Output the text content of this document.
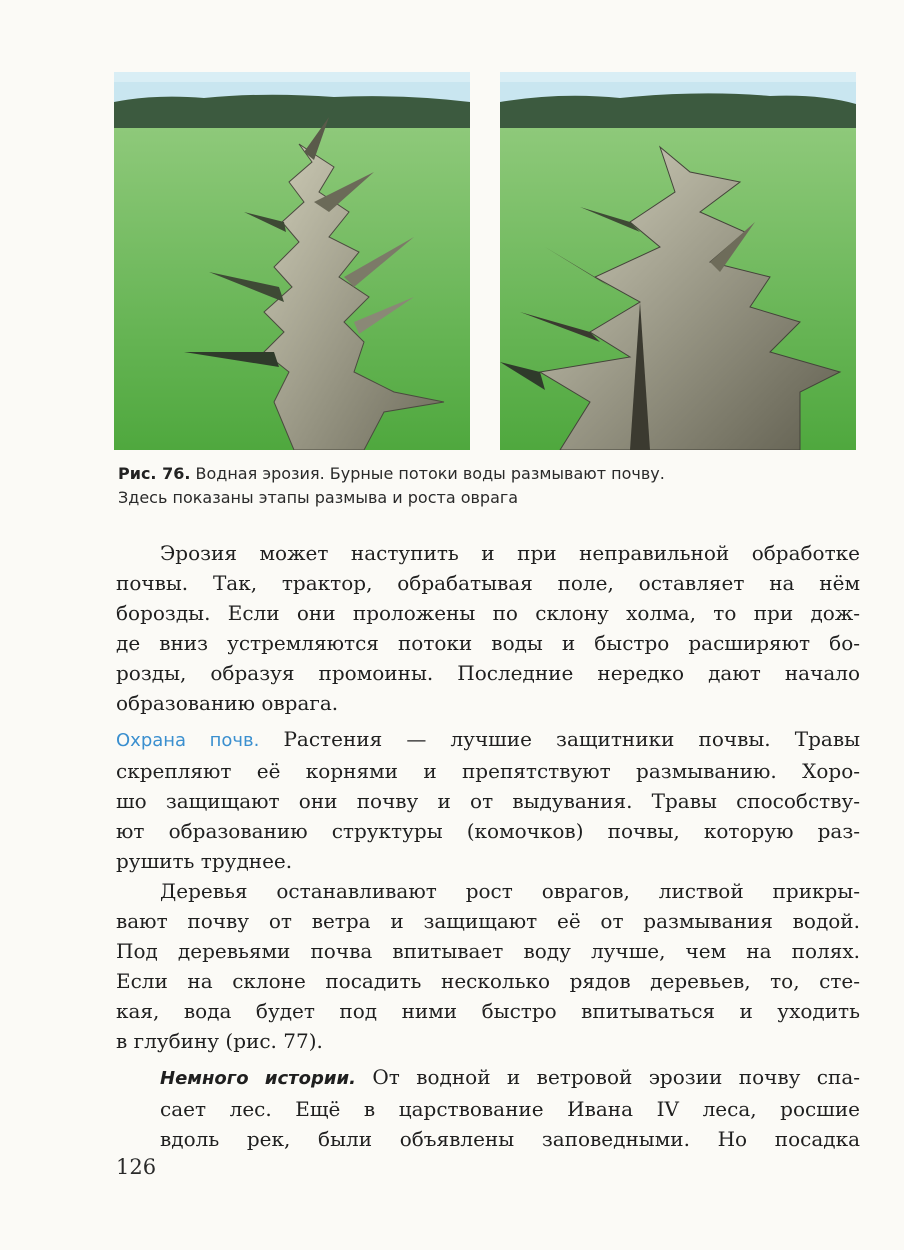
Рис. 76. Водная эрозия. Бурные потоки воды размывают почву.
Здесь показаны этапы размыва и роста оврага
Эрозия может наступить и при неправильной обработке
почвы. Так, трактор, обрабатывая поле, оставляет на нём
борозды. Если они проложены по склону холма, то при дож-
де вниз устремляются потоки воды и быстро расширяют бо-
розды, образуя промоины. Последние нередко дают начало
образованию оврага.
Охрана почв. Растения — лучшие защитники почвы. Травы
скрепляют её корнями и препятствуют размыванию. Хоро-
шо защищают они почву и от выдувания. Травы способству-
ют образованию структуры (комочков) почвы, которую раз-
рушить труднее.
Деревья останавливают рост оврагов, листвой прикры-
вают почву от ветра и защищают её от размывания водой.
Под деревьями почва впитывает воду лучше, чем на полях.
Если на склоне посадить несколько рядов деревьев, то, сте-
кая, вода будет под ними быстро впитываться и уходить
в глубину (рис. 77).
Немного истории. От водной и ветровой эрозии почву спа-
сает лес. Ещё в царствование Ивана IV леса, росшие
вдоль рек, были объявлены заповедными. Но посадка
126
